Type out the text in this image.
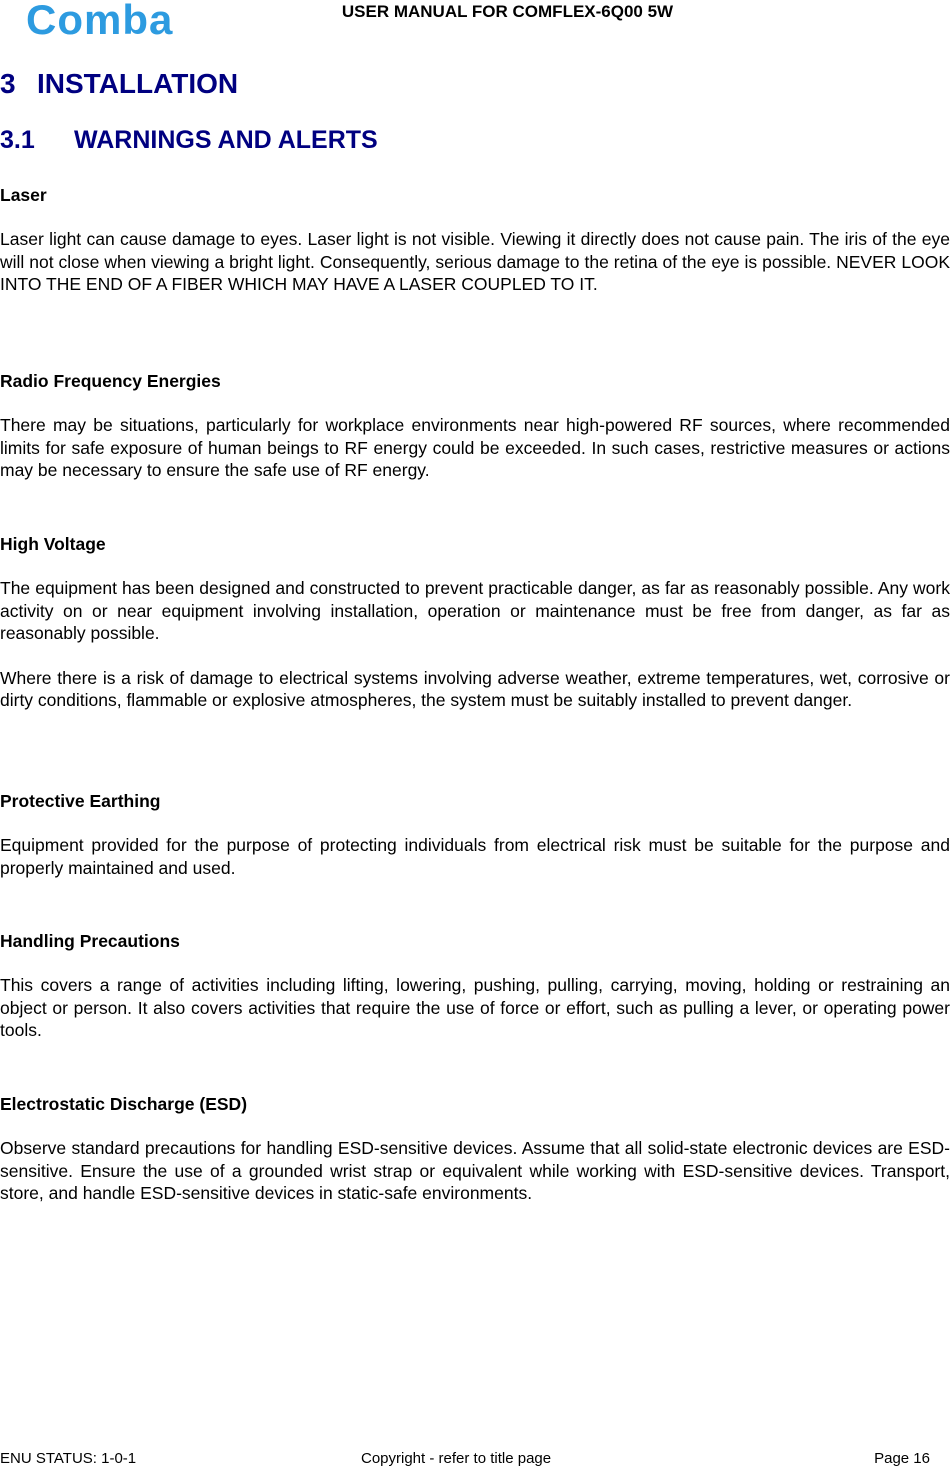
Comba	USER MANUAL FOR COMFLEX-6Q00 5W
3 INSTALLATION
3.1 WARNINGS AND ALERTS

Laser

Laser light can cause damage to eyes. Laser light is not visible. Viewing it directly does not cause pain. The iris of the eye will not close when viewing a bright light. Consequently, serious damage to the retina of the eye is possible. NEVER LOOK INTO THE END OF A FIBER WHICH MAY HAVE A LASER COUPLED TO IT.

Radio Frequency Energies

There may be situations, particularly for workplace environments near high-powered RF sources, where recommended limits for safe exposure of human beings to RF energy could be exceeded. In such cases, restrictive measures or actions may be necessary to ensure the safe use of RF energy.

High Voltage

The equipment has been designed and constructed to prevent practicable danger, as far as reasonably possible. Any work activity on or near equipment involving installation, operation or maintenance must be free from danger, as far as reasonably possible.

Where there is a risk of damage to electrical systems involving adverse weather, extreme temperatures, wet, corrosive or dirty conditions, flammable or explosive atmospheres, the system must be suitably installed to prevent danger.

Protective Earthing

Equipment provided for the purpose of protecting individuals from electrical risk must be suitable for the purpose and properly maintained and used.

Handling Precautions

This covers a range of activities including lifting, lowering, pushing, pulling, carrying, moving, holding or restraining an object or person. It also covers activities that require the use of force or effort, such as pulling a lever, or operating power tools.

Electrostatic Discharge (ESD)

Observe standard precautions for handling ESD-sensitive devices. Assume that all solid-state electronic devices are ESD-sensitive. Ensure the use of a grounded wrist strap or equivalent while working with ESD-sensitive devices. Transport, store, and handle ESD-sensitive devices in static-safe environments.

ENU STATUS: 1-0-1	Copyright - refer to title page	Page 16
